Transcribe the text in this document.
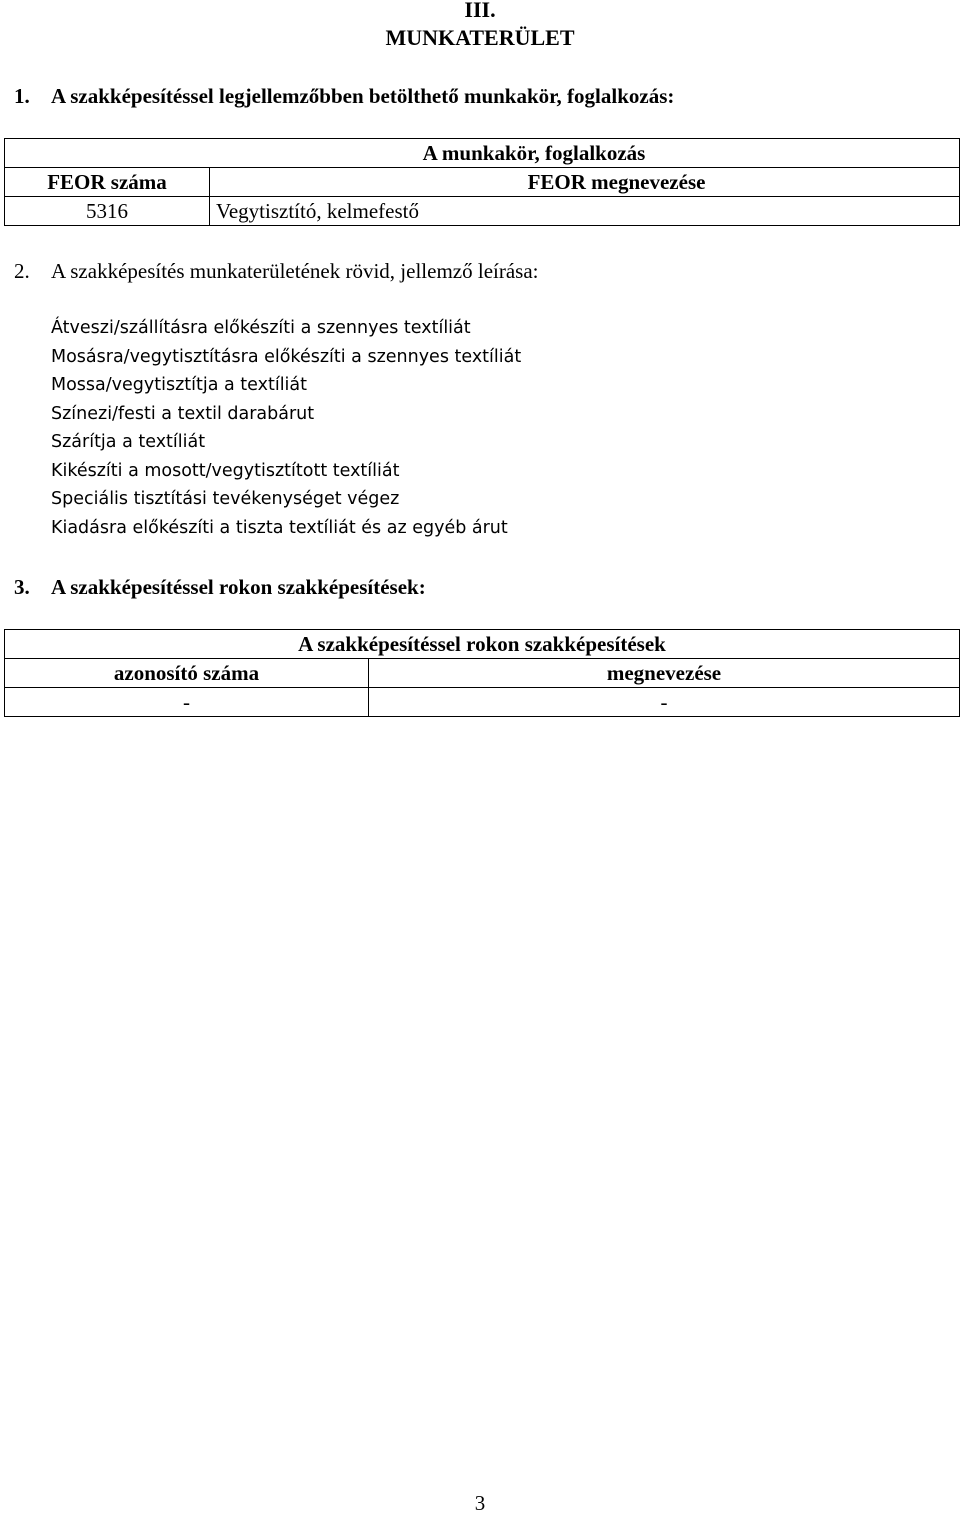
III.
MUNKATERÜLET
1. A szakképesítéssel legjellemzőbben betölthető munkakör, foglalkozás:
A munkakör, foglalkozás	
FEOR száma	FEOR megnevezése
5316	Vegytisztító, kelmefestő
2. A szakképesítés munkaterületének rövid, jellemző leírása:
Átveszi/szállításra előkészíti a szennyes textíliát
Mosásra/vegytisztításra előkészíti a szennyes textíliát
Mossa/vegytisztítja a textíliát
Színezi/festi a textil darabárut
Szárítja a textíliát
Kikészíti a mosott/vegytisztított textíliát
Speciális tisztítási tevékenységet végez
Kiadásra előkészíti a tiszta textíliát és az egyéb árut
3. A szakképesítéssel rokon szakképesítések:
A szakképesítéssel rokon szakképesítések	
azonosító száma	megnevezése
-	-
3
